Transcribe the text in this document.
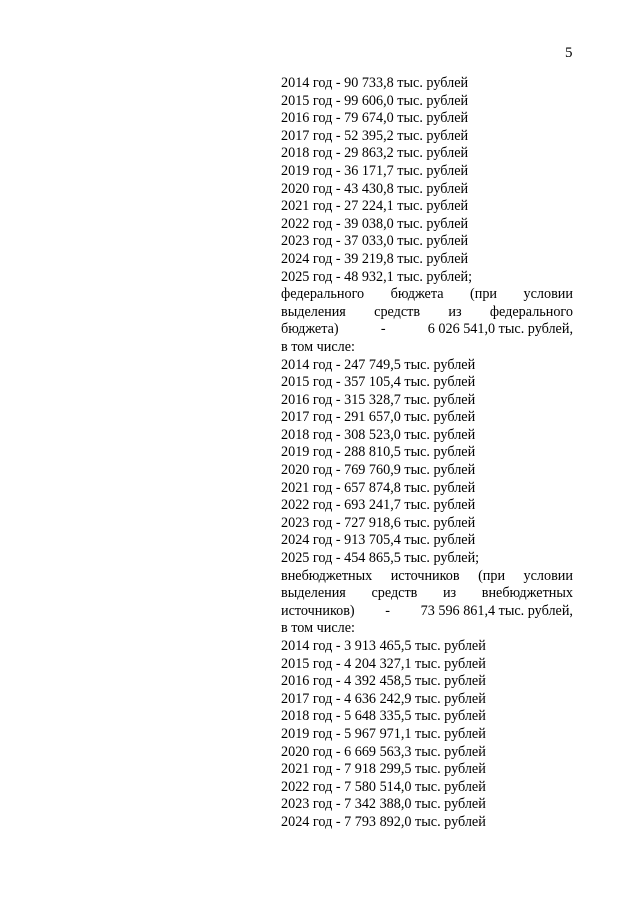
5
2014 год - 90 733,8 тыс. рублей
2015 год - 99 606,0 тыс. рублей
2016 год - 79 674,0 тыс. рублей
2017 год - 52 395,2 тыс. рублей
2018 год - 29 863,2 тыс. рублей
2019 год - 36 171,7 тыс. рублей
2020 год - 43 430,8 тыс. рублей
2021 год - 27 224,1 тыс. рублей
2022 год - 39 038,0 тыс. рублей
2023 год - 37 033,0 тыс. рублей
2024 год - 39 219,8 тыс. рублей
2025 год - 48 932,1 тыс. рублей;
федерального бюджета (при условии
выделения средств из федерального
бюджета)	-	6 026 541,0 тыс. рублей,
в том числе:
2014 год - 247 749,5 тыс. рублей
2015 год - 357 105,4 тыс. рублей
2016 год - 315 328,7 тыс. рублей
2017 год - 291 657,0 тыс. рублей
2018 год - 308 523,0 тыс. рублей
2019 год - 288 810,5 тыс. рублей
2020 год - 769 760,9 тыс. рублей
2021 год - 657 874,8 тыс. рублей
2022 год - 693 241,7 тыс. рублей
2023 год - 727 918,6 тыс. рублей
2024 год - 913 705,4 тыс. рублей
2025 год - 454 865,5 тыс. рублей;
внебюджетных источников (при условии
выделения средств из внебюджетных
источников) - 73 596 861,4 тыс. рублей,
в том числе:
2014 год - 3 913 465,5 тыс. рублей
2015 год - 4 204 327,1 тыс. рублей
2016 год - 4 392 458,5 тыс. рублей
2017 год - 4 636 242,9 тыс. рублей
2018 год - 5 648 335,5 тыс. рублей
2019 год - 5 967 971,1 тыс. рублей
2020 год - 6 669 563,3 тыс. рублей
2021 год - 7 918 299,5 тыс. рублей
2022 год - 7 580 514,0 тыс. рублей
2023 год - 7 342 388,0 тыс. рублей
2024 год - 7 793 892,0 тыс. рублей
